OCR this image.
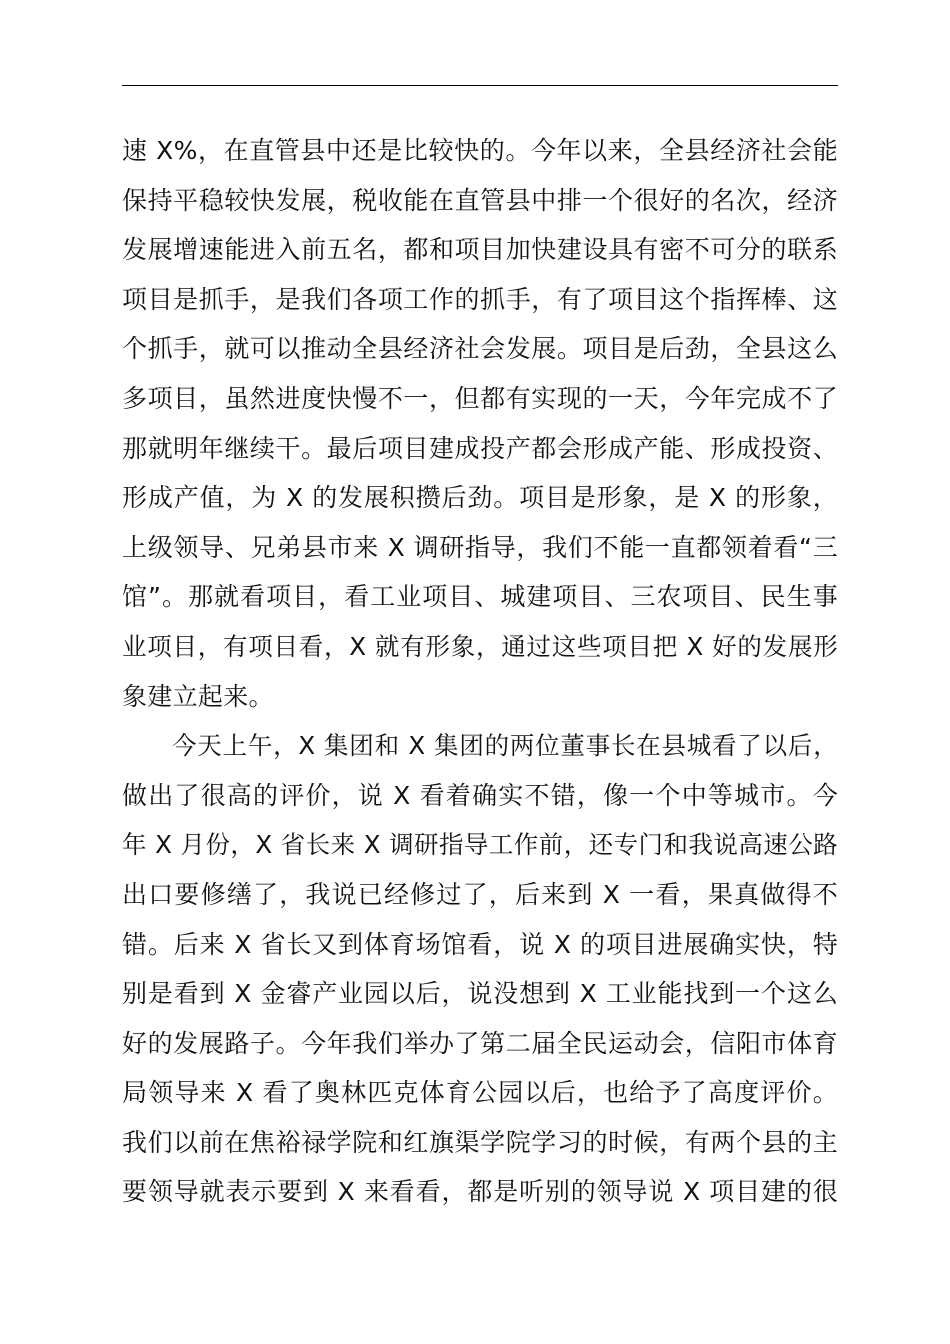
速 X%，在直管县中还是比较快的。今年以来，全县经济社会能
保持平稳较快发展，税收能在直管县中排一个很好的名次，经济
发展增速能进入前五名，都和项目加快建设具有密不可分的联系
项目是抓手，是我们各项工作的抓手，有了项目这个指挥棒、这
个抓手，就可以推动全县经济社会发展。项目是后劲，全县这么
多项目，虽然进度快慢不一，但都有实现的一天，今年完成不了
那就明年继续干。最后项目建成投产都会形成产能、形成投资、
形成产值，为 X 的发展积攒后劲。项目是形象，是 X 的形象，
上级领导、兄弟县市来 X 调研指导，我们不能一直都领着看“三
馆”。那就看项目，看工业项目、城建项目、三农项目、民生事
业项目，有项目看，X 就有形象，通过这些项目把 X 好的发展形
象建立起来。
今天上午，X 集团和 X 集团的两位董事长在县城看了以后，
做出了很高的评价，说 X 看着确实不错，像一个中等城市。今
年 X 月份，X 省长来 X 调研指导工作前，还专门和我说高速公路
出口要修缮了，我说已经修过了，后来到 X 一看，果真做得不
错。后来 X 省长又到体育场馆看，说 X 的项目进展确实快，特
别是看到 X 金睿产业园以后，说没想到 X 工业能找到一个这么
好的发展路子。今年我们举办了第二届全民运动会，信阳市体育
局领导来 X 看了奥林匹克体育公园以后，也给予了高度评价。
我们以前在焦裕禄学院和红旗渠学院学习的时候，有两个县的主
要领导就表示要到 X 来看看，都是听别的领导说 X 项目建的很
